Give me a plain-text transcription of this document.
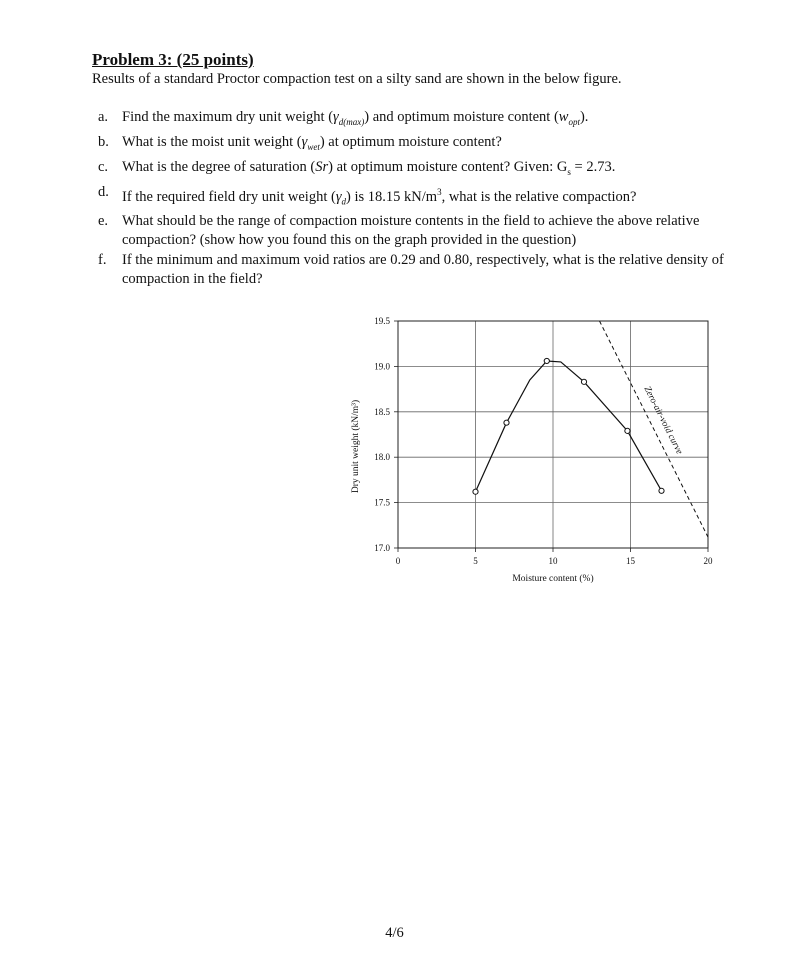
Problem 3: (25 points)
Results of a standard Proctor compaction test on a silty sand are shown in the below figure.
a. Find the maximum dry unit weight $(\gamma_{d(max)})$ and optimum moisture content $(w_{opt})$.
b. What is the moist unit weight $(\gamma_{wet})$ at optimum moisture content?
c. What is the degree of saturation (Sr) at optimum moisture content? Given: $G_s = 2.73$.
d. If the required field dry unit weight $(\gamma_d)$ is 18.15 $kN/m^3$, what is the relative compaction?
e. What should be the range of compaction moisture contents in the field to achieve the above relative compaction? (show how you found this on the graph provided in the question)
f.	If the minimum and maximum void ratios are 0.29 and 0.80, respectively, what is the relative density of compaction in the field?
0	5	10	15	20
17.0
17.5
18.0
18.5
19.0
19.5
Zero-air-void curve
Moisture content (%)
Dry unit weight (kN/m³)
4/6
